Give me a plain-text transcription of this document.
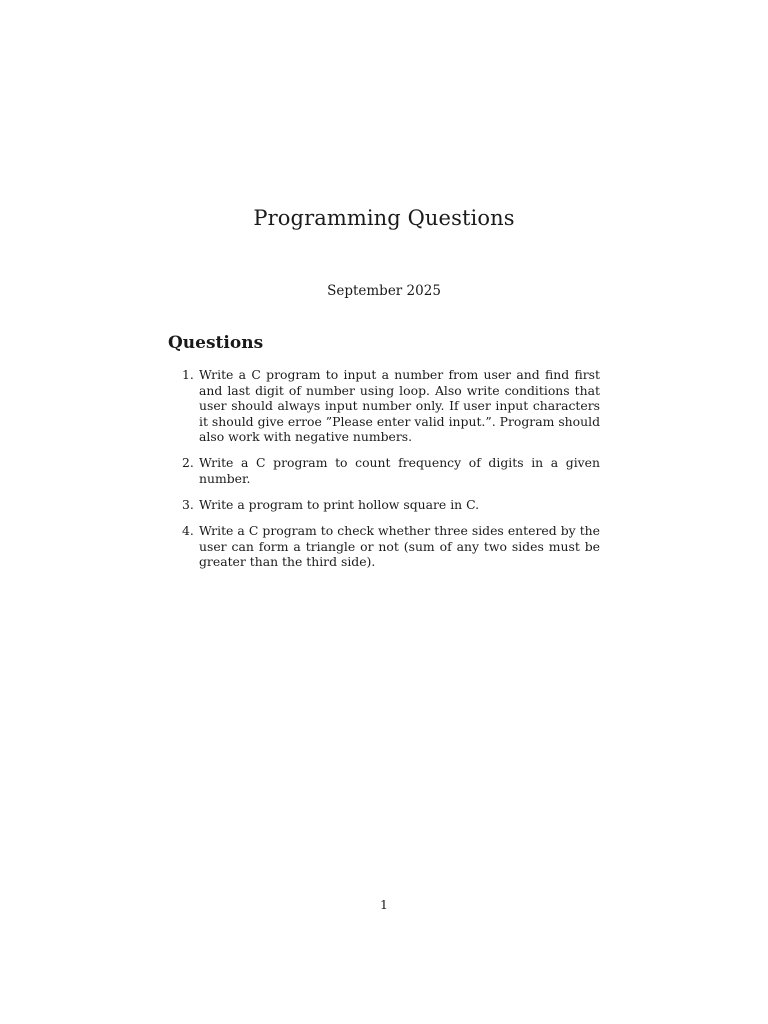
Programming Questions

September 2025

Questions
1. Write a C program to input a number from user and find first and last digit of number using loop. Also write conditions that user should always input number only. If user input characters it should give erroe ”Please enter valid input.”. Program should also work with negative numbers.
2. Write a C program to count frequency of digits in a given number.
3. Write a program to print hollow square in C.
4. Write a C program to check whether three sides entered by the user can form a triangle or not (sum of any two sides must be greater than the third side).

1
